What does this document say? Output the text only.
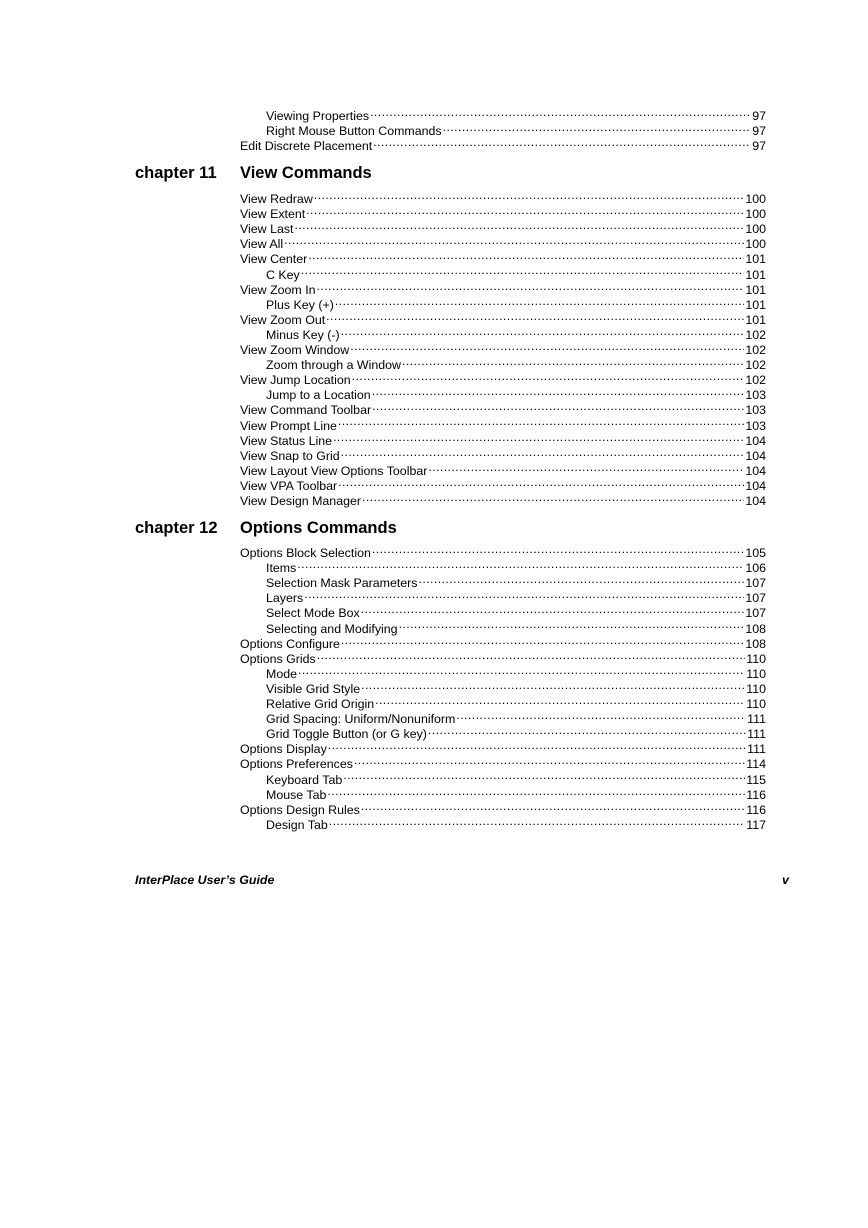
Viewing Properties .....	97
Right Mouse Button Commands .....	97
Edit Discrete Placement .....	97
chapter 11 View Commands
View Redraw .....	100
View Extent .....	100
View Last .....	100
View All .....	100
View Center .....	101
C Key .....	101
View Zoom In .....	101
Plus Key (+) .....	101
View Zoom Out .....	101
Minus Key (-) .....	102
View Zoom Window .....	102
Zoom through a Window .....	102
View Jump Location .....	102
Jump to a Location .....	103
View Command Toolbar .....	103
View Prompt Line .....	103
View Status Line .....	104
View Snap to Grid .....	104
View Layout View Options Toolbar .....	104
View VPA Toolbar .....	104
View Design Manager .....	104
chapter 12 Options Commands
Options Block Selection .....	105
Items .....	106
Selection Mask Parameters .....	107
Layers .....	107
Select Mode Box .....	107
Selecting and Modifying .....	108
Options Configure .....	108
Options Grids .....	110
Mode .....	110
Visible Grid Style .....	110
Relative Grid Origin .....	110
Grid Spacing: Uniform/Nonuniform .....	111
Grid Toggle Button (or G key) .....	111
Options Display .....	111
Options Preferences .....	114
Keyboard Tab .....	115
Mouse Tab .....	116
Options Design Rules .....	116
Design Tab .....	117
InterPlace User’s Guide	v
